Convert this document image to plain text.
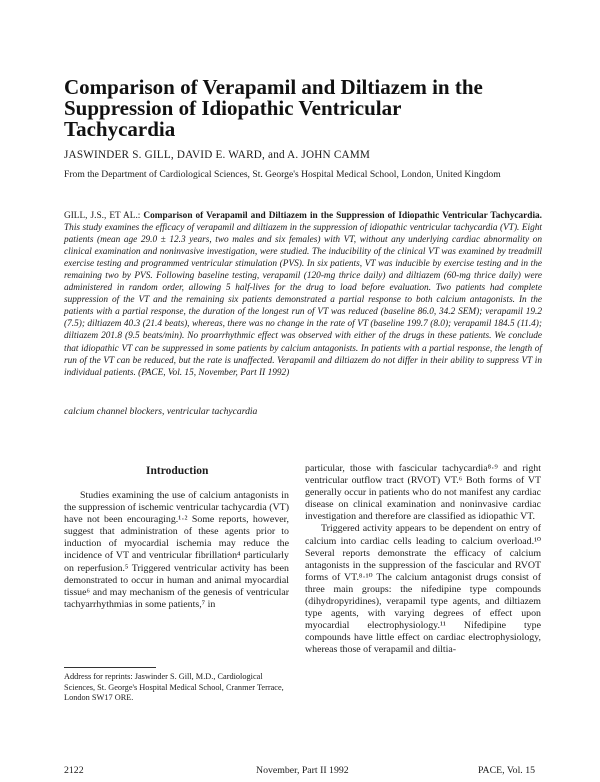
Comparison of Verapamil and Diltiazem in the
Suppression of Idiopathic Ventricular
Tachycardia
JASWINDER S. GILL, DAVID E. WARD, and A. JOHN CAMM
From the Department of Cardiological Sciences, St. George's Hospital Medical School, London, United Kingdom
GILL, J.S., ET AL.: Comparison of Verapamil and Diltiazem in the Suppression of Idiopathic Ventricular Tachycardia. This study examines the efficacy of verapamil and diltiazem in the suppression of idiopathic ventricular tachycardia (VT). Eight patients (mean age 29.0 ± 12.3 years, two males and six females) with VT, without any underlying cardiac abnormality on clinical examination and noninvasive investigation, were studied. The inducibility of the clinical VT was examined by treadmill exercise testing and programmed ventricular stimulation (PVS). In six patients, VT was inducible by exercise testing and in the remaining two by PVS. Following baseline testing, verapamil (120-mg thrice daily) and diltiazem (60-mg thrice daily) were administered in random order, allowing 5 half-lives for the drug to load before evaluation. Two patients had complete suppression of the VT and the remaining six patients demonstrated a partial response to both calcium antagonists. In the patients with a partial response, the duration of the longest run of VT was reduced (baseline 86.0, 34.2 SEM); verapamil 19.2 (7.5); diltiazem 40.3 (21.4 beats), whereas, there was no change in the rate of VT (baseline 199.7 (8.0); verapamil 184.5 (11.4); diltiazem 201.8 (9.5 beats/min). No proarrhythmic effect was observed with either of the drugs in these patients. We conclude that idiopathic VT can be suppressed in some patients by calcium antagonists. In patients with a partial response, the length of run of the VT can be reduced, but the rate is unaffected. Verapamil and diltiazem do not differ in their ability to suppress VT in individual patients. (PACE, Vol. 15, November, Part II 1992)
calcium channel blockers, ventricular tachycardia
Introduction
Studies examining the use of calcium antagonists in the suppression of ischemic ventricular tachycardia (VT) have not been encouraging.¹·² Some reports, however, suggest that administration of these agents prior to induction of myocardial ischemia may reduce the incidence of VT and ventricular fibrillation⁴ particularly on reperfusion.⁵ Triggered ventricular activity has been demonstrated to occur in human and animal myocardial tissue⁶ and may mechanism of the genesis of ventricular tachyarrhythmias in some patients,⁷ in

particular, those with fascicular tachycardia⁸·⁹ and right ventricular outflow tract (RVOT) VT.⁶ Both forms of VT generally occur in patients who do not manifest any cardiac disease on clinical examination and noninvasive cardiac investigation and therefore are classified as idiopathic VT.

Triggered activity appears to be dependent on entry of calcium into cardiac cells leading to calcium overload.¹⁰ Several reports demonstrate the efficacy of calcium antagonists in the suppression of the fascicular and RVOT forms of VT.⁸·¹⁰ The calcium antagonist drugs consist of three main groups: the nifedipine type compounds (dihydropyridines), verapamil type agents, and diltiazem type agents, with varying degrees of effect upon myocardial electrophysiology.¹¹ Nifedipine type compounds have little effect on cardiac electrophysiology, whereas those of verapamil and diltia-

Address for reprints: Jaswinder S. Gill, M.D., Cardiological Sciences, St. George's Hospital Medical School, Cranmer Terrace, London SW17 ORE.
2122	November, Part II 1992	PACE, Vol. 15
